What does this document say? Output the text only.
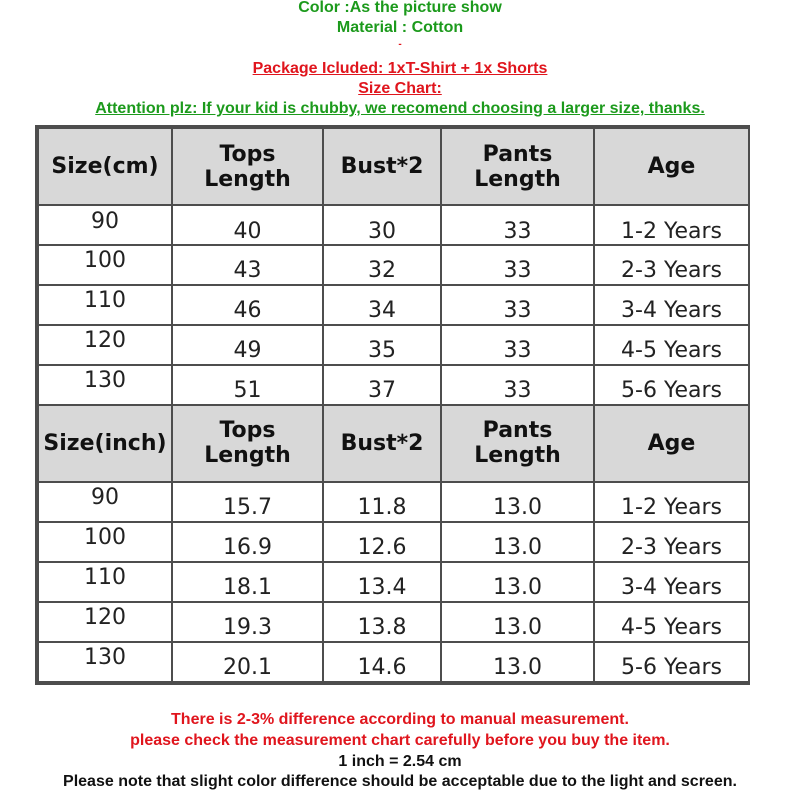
Color :As the picture show
Material : Cotton
-
Package Icluded: 1xT-Shirt + 1x Shorts
Size Chart:
Attention plz: If your kid is chubby, we recomend choosing a larger size, thanks.
Size(cm)	Tops Length	Bust*2	Pants Length	Age
90	40	30	33	1-2 Years
100	43	32	33	2-3 Years
110	46	34	33	3-4 Years
120	49	35	33	4-5 Years
130	51	37	33	5-6 Years
Size(inch)	Tops Length	Bust*2	Pants Length	Age
90	15.7	11.8	13.0	1-2 Years
100	16.9	12.6	13.0	2-3 Years
110	18.1	13.4	13.0	3-4 Years
120	19.3	13.8	13.0	4-5 Years
130	20.1	14.6	13.0	5-6 Years
There is 2-3% difference according to manual measurement.
please check the measurement chart carefully before you buy the item.
1 inch = 2.54 cm
Please note that slight color difference should be acceptable due to the light and screen.
